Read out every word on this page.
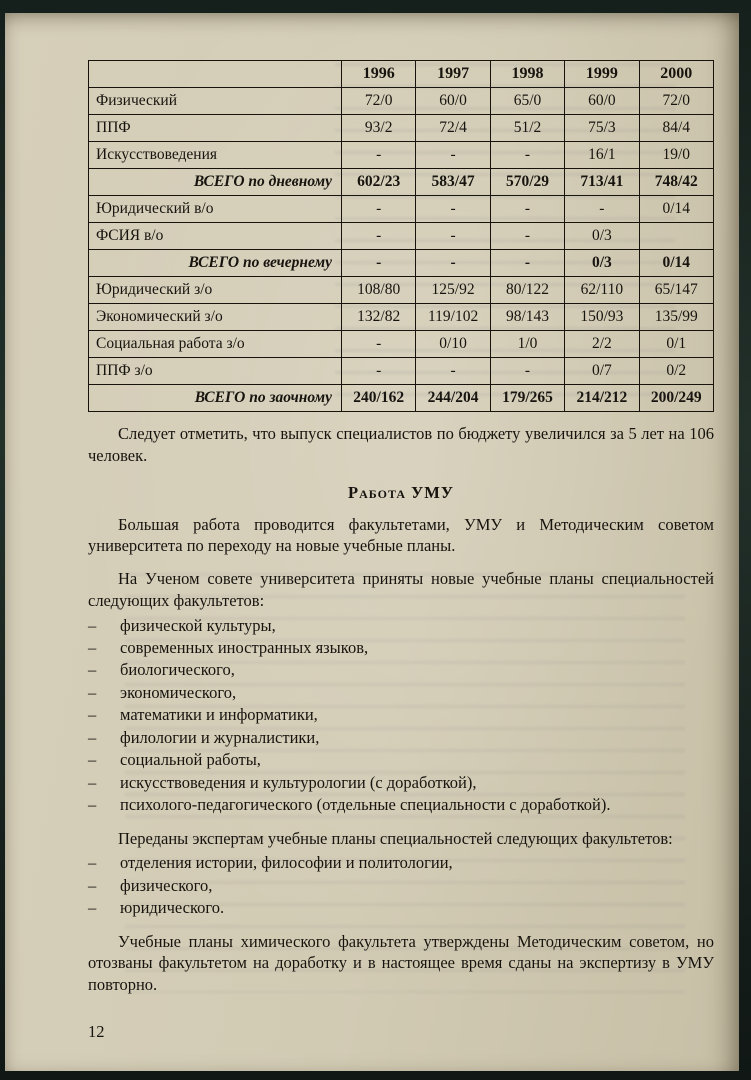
	1996	1997	1998	1999	2000
Физический	72/0	60/0	65/0	60/0	72/0
ППФ	93/2	72/4	51/2	75/3	84/4
Искусствоведения	-	-	-	16/1	19/0
ВСЕГО по дневному	602/23	583/47	570/29	713/41	748/42
Юридический в/о	-	-	-	-	0/14
ФСИЯ в/о	-	-	-	0/3	
ВСЕГО по вечернему	-	-	-	0/3	0/14
Юридический з/о	108/80	125/92	80/122	62/110	65/147
Экономический з/о	132/82	119/102	98/143	150/93	135/99
Социальная работа з/о	-	0/10	1/0	2/2	0/1
ППФ з/о	-	-	-	0/7	0/2
ВСЕГО по заочному	240/162	244/204	179/265	214/212	200/249

Следует отметить, что выпуск специалистов по бюджету увеличился за 5 лет на 106 человек.

Работа УМУ

Большая работа проводится факультетами, УМУ и Методическим советом университета по переходу на новые учебные планы.

На Ученом совете университета приняты новые учебные планы специальностей следующих факультетов:

–	физической культуры,
–	современных иностранных языков,
–	биологического,
–	экономического,
–	математики и информатики,
–	филологии и журналистики,
–	социальной работы,
–	искусствоведения и культурологии (с доработкой),
–	психолого-педагогического (отдельные специальности с доработкой).

Переданы экспертам учебные планы специальностей следующих факультетов:

–	отделения истории, философии и политологии,
–	физического,
–	юридического.

Учебные планы химического факультета утверждены Методическим советом, но отозваны факультетом на доработку и в настоящее время сданы на экспертизу в УМУ повторно.

12
